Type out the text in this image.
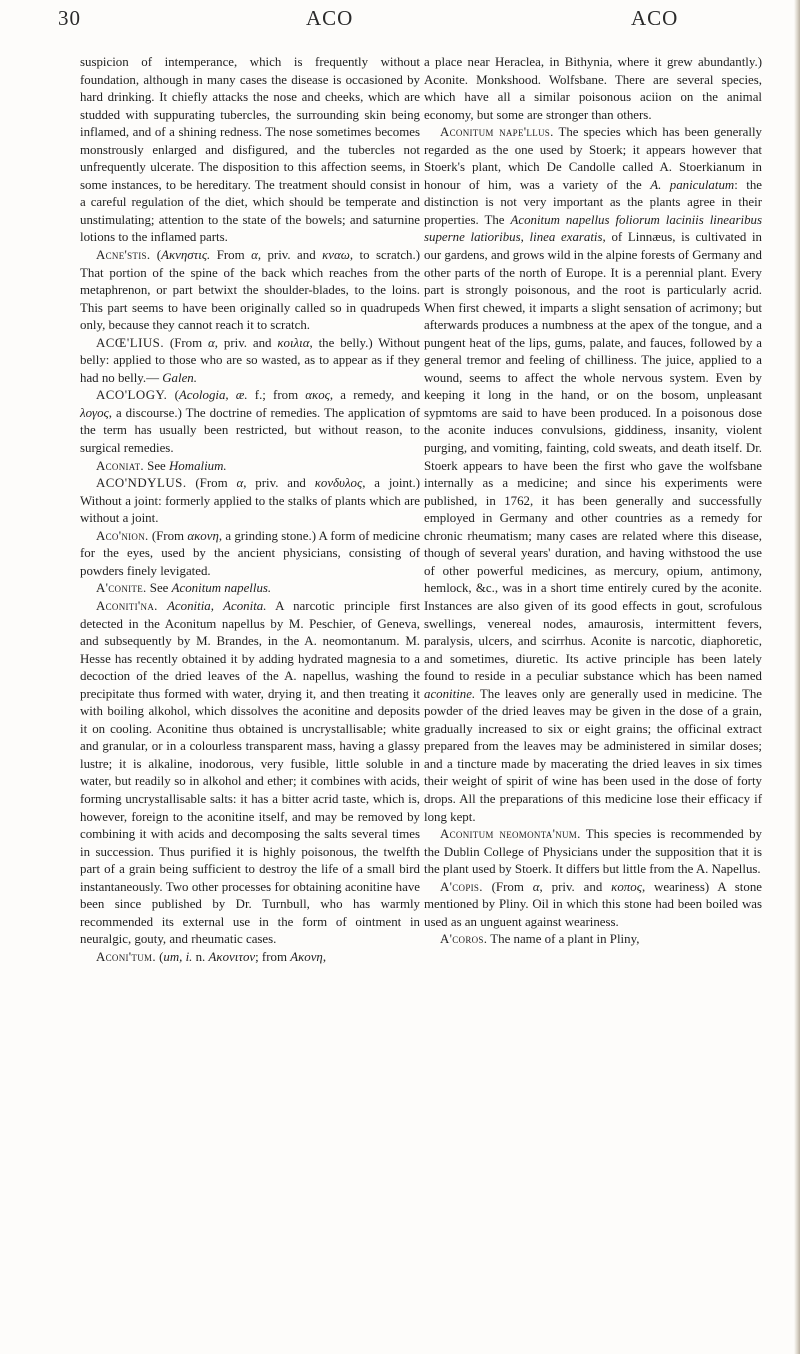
30	ACO	ACO

suspicion of intemperance, which is frequently without foundation, although in many cases the disease is occasioned by hard drinking. It chiefly attacks the nose and cheeks, which are studded with suppurating tubercles, the surrounding skin being inflamed, and of a shining redness. The nose sometimes becomes monstrously enlarged and disfigured, and the tubercles not unfrequently ulcerate. The disposition to this affection seems, in some instances, to be hereditary. The treatment should consist in a careful regulation of the diet, which should be temperate and unstimulating; attention to the state of the bowels; and saturnine lotions to the inflamed parts.

Acne'stis. (Ακνηστις. From α, priv. and κναω, to scratch.) That portion of the spine of the back which reaches from the metaphrenon, or part betwixt the shoulder-blades, to the loins. This part seems to have been originally called so in quadrupeds only, because they cannot reach it to scratch.

ACŒ'LIUS. (From α, priv. and κοιλια, the belly.) Without belly: applied to those who are so wasted, as to appear as if they had no belly.— Galen.

ACO'LOGY. (Acologia, æ. f.; from ακος, a remedy, and λογος, a discourse.) The doctrine of remedies. The application of the term has usually been restricted, but without reason, to surgical remedies.

Aconiat. See Homalium.

ACO'NDYLUS. (From α, priv. and κονδυλος, a joint.) Without a joint: formerly applied to the stalks of plants which are without a joint.

Aco'nion. (From ακονη, a grinding stone.) A form of medicine for the eyes, used by the ancient physicians, consisting of powders finely levigated.

A'conite. See Aconitum napellus.

Aconiti'na. Aconitia, Aconita. A narcotic principle first detected in the Aconitum napellus by M. Peschier, of Geneva, and subsequently by M. Brandes, in the A. neomontanum. M. Hesse has recently obtained it by adding hydrated magnesia to a decoction of the dried leaves of the A. napellus, washing the precipitate thus formed with water, drying it, and then treating it with boiling alkohol, which dissolves the aconitine and deposits it on cooling. Aconitine thus obtained is uncrystallisable; white and granular, or in a colourless transparent mass, having a glassy lustre; it is alkaline, inodorous, very fusible, little soluble in water, but readily so in alkohol and ether; it combines with acids, forming uncrystallisable salts: it has a bitter acrid taste, which is, however, foreign to the aconitine itself, and may be removed by combining it with acids and decomposing the salts several times in succession. Thus purified it is highly poisonous, the twelfth part of a grain being sufficient to destroy the life of a small bird instantaneously. Two other processes for obtaining aconitine have been since published by Dr. Turnbull, who has warmly recommended its external use in the form of ointment in neuralgic, gouty, and rheumatic cases.

Aconi'tum. (um, i. n. Ακονιτον; from Ακονη,

a place near Heraclea, in Bithynia, where it grew abundantly.) Aconite. Monkshood. Wolfsbane. There are several species, which have all a similar poisonous aciion on the animal economy, but some are stronger than others.

Aconitum nape'llus. The species which has been generally regarded as the one used by Stoerk; it appears however that Stoerk's plant, which De Candolle called A. Stoerkianum in honour of him, was a variety of the A. paniculatum: the distinction is not very important as the plants agree in their properties. The Aconitum napellus foliorum laciniis linearibus superne latioribus, linea exaratis, of Linnæus, is cultivated in our gardens, and grows wild in the alpine forests of Germany and other parts of the north of Europe. It is a perennial plant. Every part is strongly poisonous, and the root is particularly acrid. When first chewed, it imparts a slight sensation of acrimony; but afterwards produces a numbness at the apex of the tongue, and a pungent heat of the lips, gums, palate, and fauces, followed by a general tremor and feeling of chilliness. The juice, applied to a wound, seems to affect the whole nervous system. Even by keeping it long in the hand, or on the bosom, unpleasant sypmtoms are said to have been produced. In a poisonous dose the aconite induces convulsions, giddiness, insanity, violent purging, and vomiting, fainting, cold sweats, and death itself. Dr. Stoerk appears to have been the first who gave the wolfsbane internally as a medicine; and since his experiments were published, in 1762, it has been generally and successfully employed in Germany and other countries as a remedy for chronic rheumatism; many cases are related where this disease, though of several years' duration, and having withstood the use of other powerful medicines, as mercury, opium, antimony, hemlock, &c., was in a short time entirely cured by the aconite. Instances are also given of its good effects in gout, scrofulous swellings, venereal nodes, amaurosis, intermittent fevers, paralysis, ulcers, and scirrhus. Aconite is narcotic, diaphoretic, and sometimes, diuretic. Its active principle has been lately found to reside in a peculiar substance which has been named aconitine. The leaves only are generally used in medicine. The powder of the dried leaves may be given in the dose of a grain, gradually increased to six or eight grains; the officinal extract prepared from the leaves may be administered in similar doses; and a tincture made by macerating the dried leaves in six times their weight of spirit of wine has been used in the dose of forty drops. All the preparations of this medicine lose their efficacy if long kept.

Aconitum neomonta'num. This species is recommended by the Dublin College of Physicians under the supposition that it is the plant used by Stoerk. It differs but little from the A. Napellus.

A'copis. (From α, priv. and κοπος, weariness) A stone mentioned by Pliny. Oil in which this stone had been boiled was used as an unguent against weariness.

A'coros. The name of a plant in Pliny,
